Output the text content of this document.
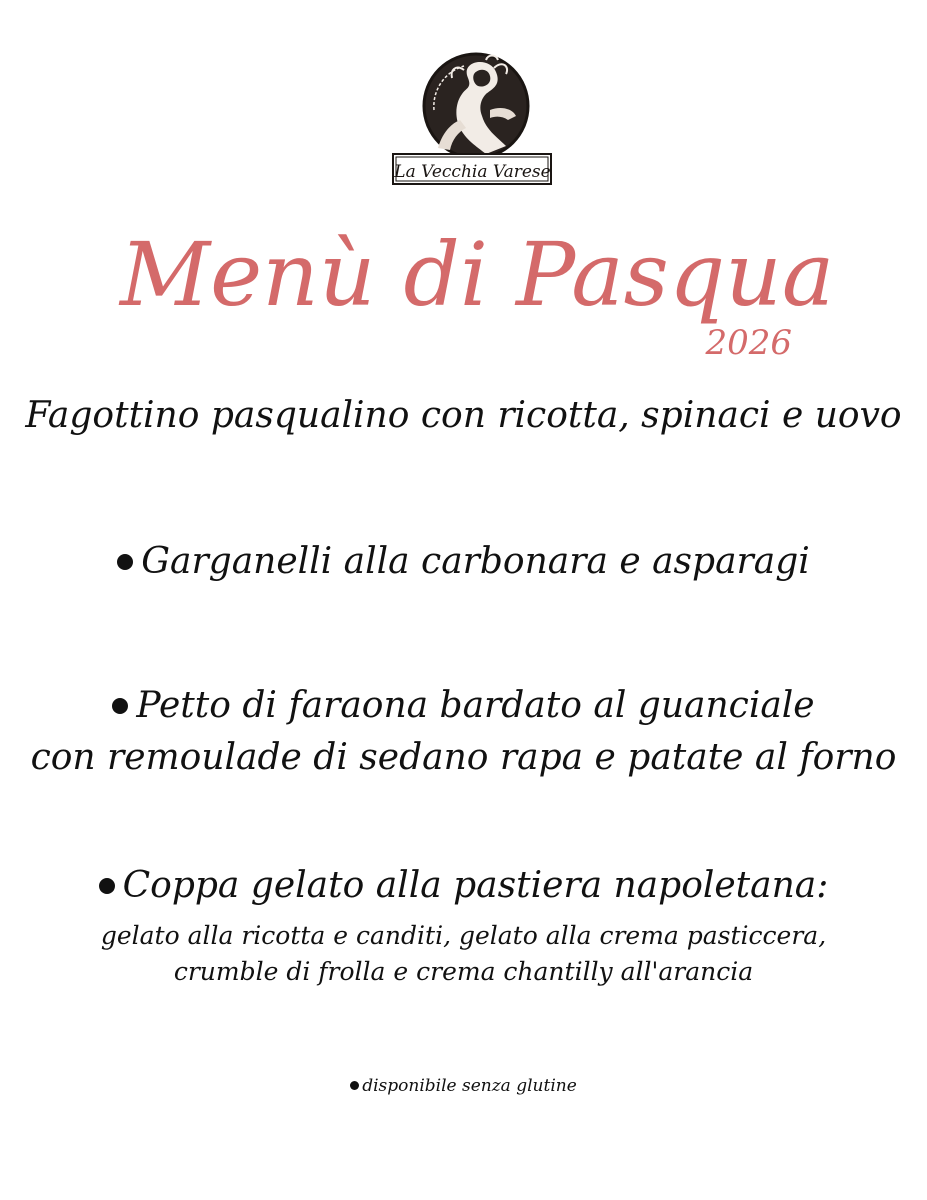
La Vecchia Varese
Menù di Pasqua
2026
Fagottino pasqualino con ricotta, spinaci e uovo
Garganelli alla carbonara e asparagi
Petto di faraona bardato al guanciale
con remoulade di sedano rapa e patate al forno
Coppa gelato alla pastiera napoletana:
gelato alla ricotta e canditi, gelato alla crema pasticcera,
crumble di frolla e crema chantilly all'arancia
disponibile senza glutine
